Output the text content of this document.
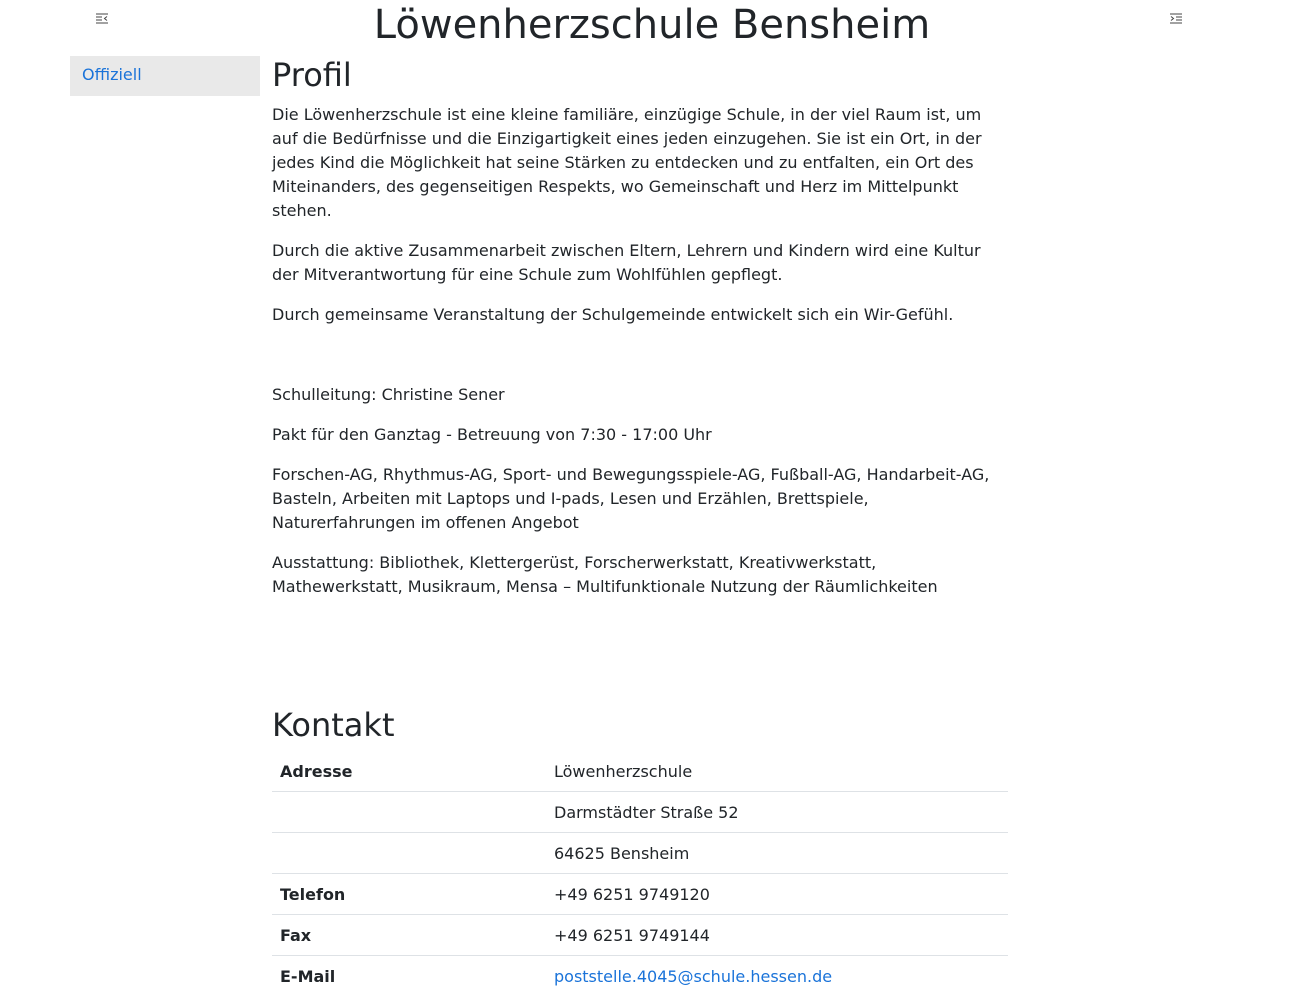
Löwenherzschule Bensheim
Offiziell	Profil

Die Löwenherzschule ist eine kleine familiäre, einzügige Schule, in der viel Raum ist, um auf die Bedürfnisse und die Einzigartigkeit eines jeden einzugehen. Sie ist ein Ort, in der jedes Kind die Möglichkeit hat seine Stärken zu entdecken und zu entfalten, ein Ort des Miteinanders, des gegenseitigen Respekts, wo Gemeinschaft und Herz im Mittelpunkt stehen.

Durch die aktive Zusammenarbeit zwischen Eltern, Lehrern und Kindern wird eine Kultur der Mitverantwortung für eine Schule zum Wohlfühlen gepflegt.

Durch gemeinsame Veranstaltung der Schulgemeinde entwickelt sich ein Wir-Gefühl.

Schulleitung: Christine Sener

Pakt für den Ganztag - Betreuung von 7:30 - 17:00 Uhr

Forschen-AG, Rhythmus-AG, Sport- und Bewegungsspiele-AG, Fußball-AG, Handarbeit-AG, Basteln, Arbeiten mit Laptops und I-pads, Lesen und Erzählen, Brettspiele, Naturerfahrungen im offenen Angebot

Ausstattung: Bibliothek, Klettergerüst, Forscherwerkstatt, Kreativwerkstatt, Mathewerkstatt, Musikraum, Mensa – Multifunktionale Nutzung der Räumlichkeiten

Kontakt
Adresse	Löwenherzschule
	Darmstädter Straße 52
	64625 Bensheim
Telefon	+49 6251 9749120
Fax	+49 6251 9749144
E-Mail	poststelle.4045@schule.hessen.de
